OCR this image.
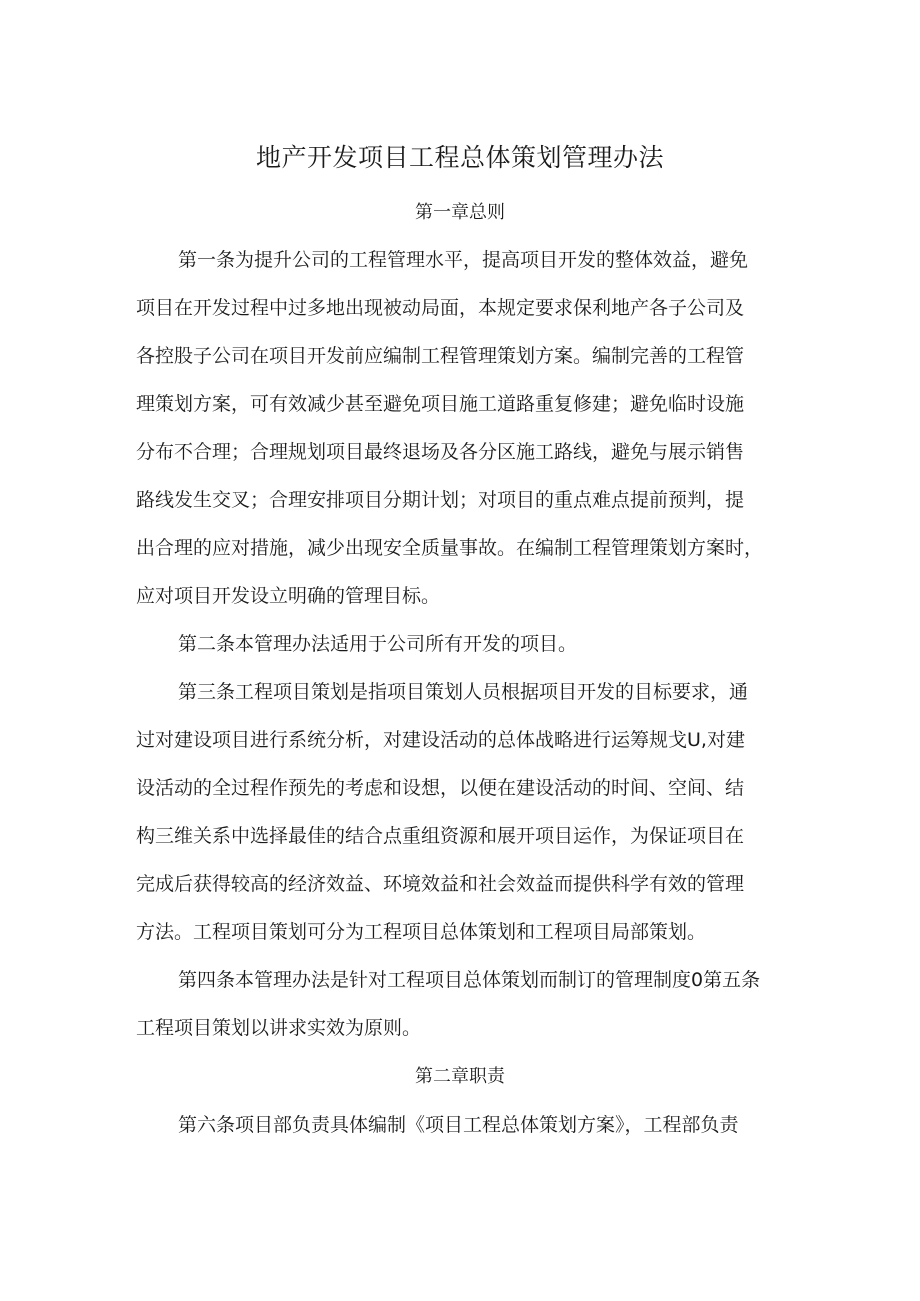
地产开发项目工程总体策划管理办法
第一章总则
第一条为提升公司的工程管理水平，提高项目开发的整体效益，避免
项目在开发过程中过多地出现被动局面，本规定要求保利地产各子公司及
各控股子公司在项目开发前应编制工程管理策划方案。编制完善的工程管
理策划方案，可有效减少甚至避免项目施工道路重复修建；避免临时设施
分布不合理；合理规划项目最终退场及各分区施工路线，避免与展示销售
路线发生交叉；合理安排项目分期计划；对项目的重点难点提前预判，提
出合理的应对措施，减少出现安全质量事故。在编制工程管理策划方案时，
应对项目开发设立明确的管理目标。
第二条本管理办法适用于公司所有开发的项目。
第三条工程项目策划是指项目策划人员根据项目开发的目标要求，通
过对建设项目进行系统分析，对建设活动的总体战略进行运筹规戈U,对建
设活动的全过程作预先的考虑和设想，以便在建设活动的时间、空间、结
构三维关系中选择最佳的结合点重组资源和展开项目运作，为保证项目在
完成后获得较高的经济效益、环境效益和社会效益而提供科学有效的管理
方法。工程项目策划可分为工程项目总体策划和工程项目局部策划。
第四条本管理办法是针对工程项目总体策划而制订的管理制度0第五条
工程项目策划以讲求实效为原则。
第二章职责
第六条项目部负责具体编制《项目工程总体策划方案》，工程部负责
